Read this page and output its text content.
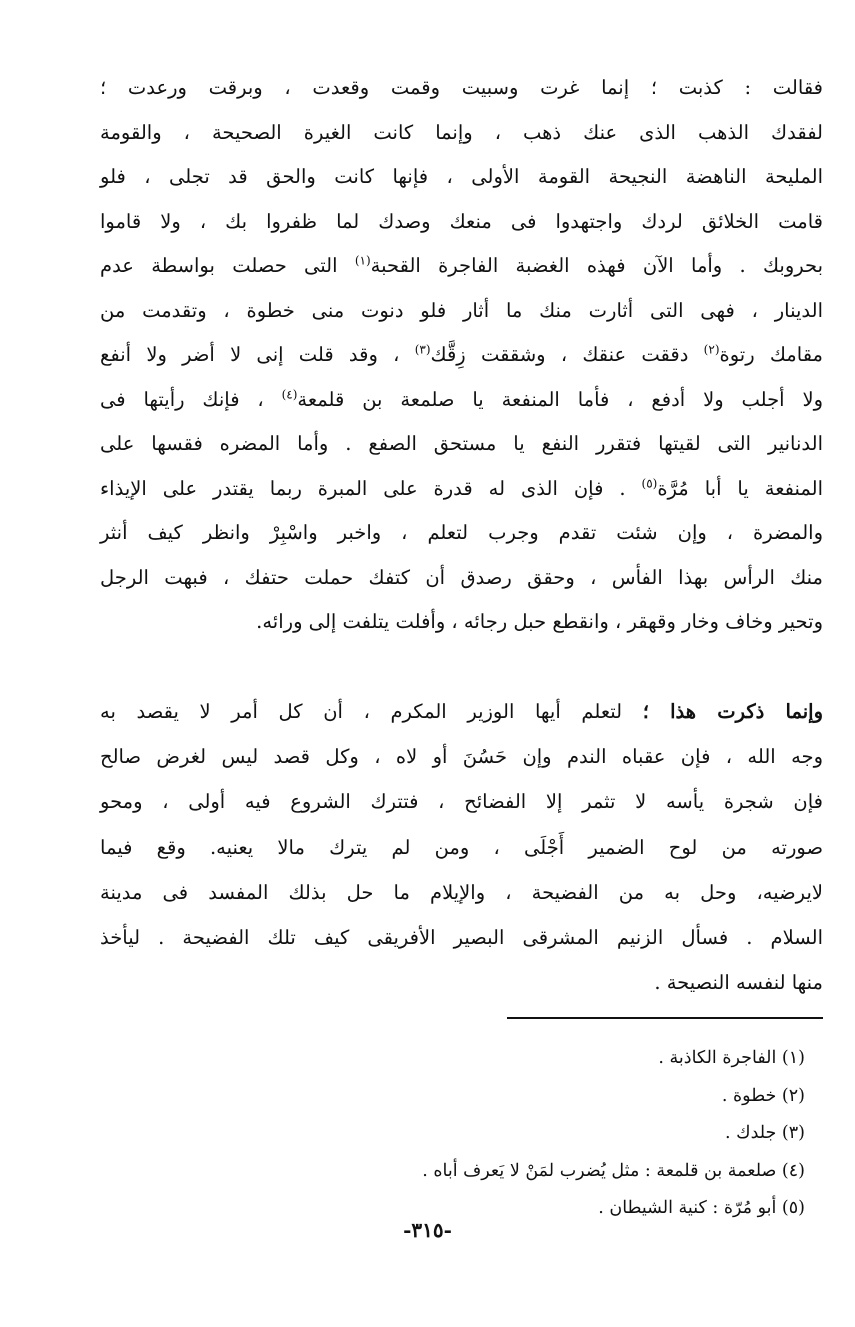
فقالت : كذبت ؛ إنما غرت وسبيت وقمت وقعدت ، وبرقت ورعدت ؛
لفقدك الذهب الذى عنك ذهب ، وإنما كانت الغيرة الصحيحة ، والقومة
المليحة الناهضة النجيحة القومة الأولى ، فإنها كانت والحق قد تجلى ، فلو
قامت الخلائق لردك واجتهدوا فى منعك وصدك لما ظفروا بك ، ولا قاموا
بحروبك . وأما الآن فهذه الغضبة الفاجرة القحبة$^{(١)}$ التى حصلت بواسطة عدم
الدينار ، فهى التى أثارت منك ما أثار فلو دنوت منى خطوة ، وتقدمت من
مقامك رتوة$^{(٢)}$ دققت عنقك ، وشققت زِقَّك$^{(٣)}$ ، وقد قلت إنى لا أضر ولا أنفع
ولا أجلب ولا أدفع ، فأما المنفعة يا صلمعة بن قلمعة$^{(٤)}$ ، فإنك رأيتها فى
الدنانير التى لقيتها فتقرر النفع يا مستحق الصفع . وأما المضره فقسها على
المنفعة يا أبا مُرَّة$^{(٥)}$ . فإن الذى له قدرة على المبرة ربما يقتدر على الإيذاء
والمضرة ، وإن شئت تقدم وجرب لتعلم ، واخبر واسْبِرْ وانظر كيف أنثر
منك الرأس بهذا الفأس ، وحقق رصدق أن كتفك حملت حتفك ، فبهت الرجل
وتحير وخاف وخار وقهقر ، وانقطع حبل رجائه ، وأفلت يتلفت إلى ورائه.
وإنما ذكرت هذا ؛ لتعلم أيها الوزير المكرم ، أن كل أمر لا يقصد به
وجه الله ، فإن عقباه الندم وإن حَسُنَ أو لاه ، وكل قصد ليس لغرض صالح
فإن شجرة يأسه لا تثمر إلا الفضائح ، فتترك الشروع فيه أولى ، ومحو
صورته من لوح الضمير أَجْلَى ، ومن لم يترك مالا يعنيه. وقع فيما
لايرضيه، وحل به من الفضيحة ، والإيلام ما حل بذلك المفسد فى مدينة
السلام . فسأل الزنيم المشرقى البصير الأفريقى كيف تلك الفضيحة . ليأخذ
منها لنفسه النصيحة .
(١) الفاجرة الكاذبة .
(٢) خطوة .
(٣) جلدك .
(٤) صلعمة بن قلمعة : مثل يُضرب لمَنْ لا يَعرف أباه .
(٥) أبو مُرّة : كنية الشيطان .
-٣١٥-
